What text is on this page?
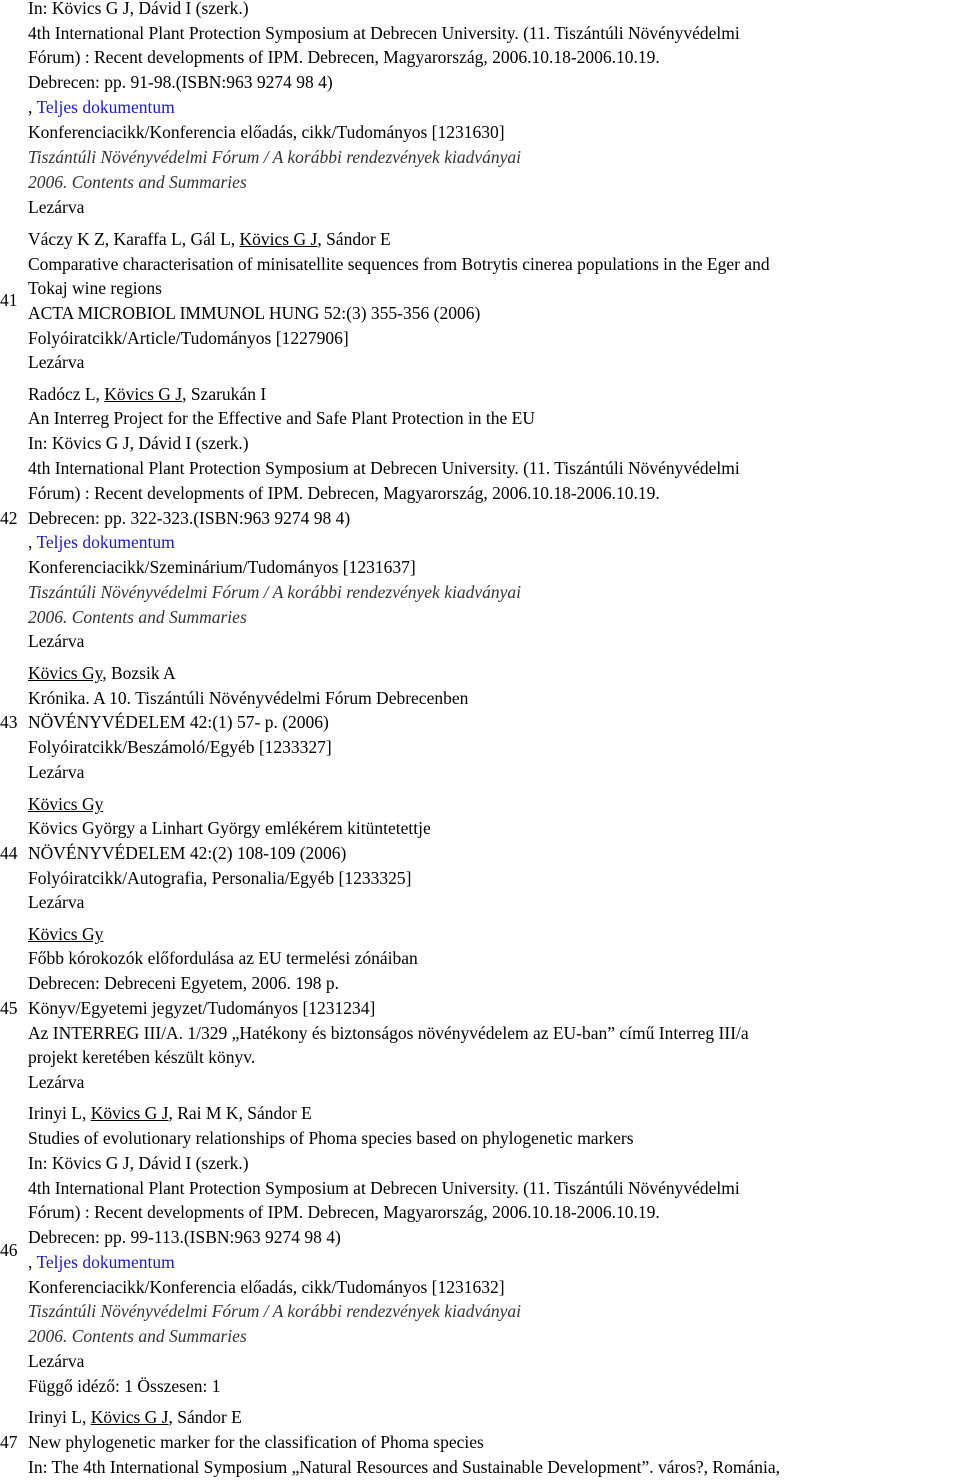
In: Kövics G J, Dávid I (szerk.)
4th International Plant Protection Symposium at Debrecen University. (11. Tiszántúli Növényvédelmi
Fórum) : Recent developments of IPM. Debrecen, Magyarország, 2006.10.18-2006.10.19.
Debrecen: pp. 91-98.(ISBN:963 9274 98 4)
, Teljes dokumentum
Konferenciacikk/Konferencia előadás, cikk/Tudományos [1231630]
Tiszántúli Növényvédelmi Fórum / A korábbi rendezvények kiadványai
2006. Contents and Summaries
Lezárva
41
Váczy K Z, Karaffa L, Gál L, Kövics G J, Sándor E
Comparative characterisation of minisatellite sequences from Botrytis cinerea populations in the Eger and
Tokaj wine regions
ACTA MICROBIOL IMMUNOL HUNG 52:(3) 355-356 (2006)
Folyóiratcikk/Article/Tudományos [1227906]
Lezárva
42
Radócz L, Kövics G J, Szarukán I
An Interreg Project for the Effective and Safe Plant Protection in the EU
In: Kövics G J, Dávid I (szerk.)
4th International Plant Protection Symposium at Debrecen University. (11. Tiszántúli Növényvédelmi
Fórum) : Recent developments of IPM. Debrecen, Magyarország, 2006.10.18-2006.10.19.
Debrecen: pp. 322-323.(ISBN:963 9274 98 4)
, Teljes dokumentum
Konferenciacikk/Szeminárium/Tudományos [1231637]
Tiszántúli Növényvédelmi Fórum / A korábbi rendezvények kiadványai
2006. Contents and Summaries
Lezárva
43
Kövics Gy, Bozsik A
Krónika. A 10. Tiszántúli Növényvédelmi Fórum Debrecenben
NÖVÉNYVÉDELEM 42:(1) 57- p. (2006)
Folyóiratcikk/Beszámoló/Egyéb [1233327]
Lezárva
44
Kövics Gy
Kövics György a Linhart György emlékérem kitüntetettje
NÖVÉNYVÉDELEM 42:(2) 108-109 (2006)
Folyóiratcikk/Autografia, Personalia/Egyéb [1233325]
Lezárva
45
Kövics Gy
Főbb kórokozók előfordulása az EU termelési zónáiban
Debrecen: Debreceni Egyetem, 2006. 198 p.
Könyv/Egyetemi jegyzet/Tudományos [1231234]
Az INTERREG III/A. 1/329 „Hatékony és biztonságos növényvédelem az EU-ban” című Interreg III/a
projekt keretében készült könyv.
Lezárva
46
Irinyi L, Kövics G J, Rai M K, Sándor E
Studies of evolutionary relationships of Phoma species based on phylogenetic markers
In: Kövics G J, Dávid I (szerk.)
4th International Plant Protection Symposium at Debrecen University. (11. Tiszántúli Növényvédelmi
Fórum) : Recent developments of IPM. Debrecen, Magyarország, 2006.10.18-2006.10.19.
Debrecen: pp. 99-113.(ISBN:963 9274 98 4)
, Teljes dokumentum
Konferenciacikk/Konferencia előadás, cikk/Tudományos [1231632]
Tiszántúli Növényvédelmi Fórum / A korábbi rendezvények kiadványai
2006. Contents and Summaries
Lezárva
Függő idéző: 1 Összesen: 1
47
Irinyi L, Kövics G J, Sándor E
New phylogenetic marker for the classification of Phoma species
In: The 4th International Symposium „Natural Resources and Sustainable Development”. város?, Románia,
